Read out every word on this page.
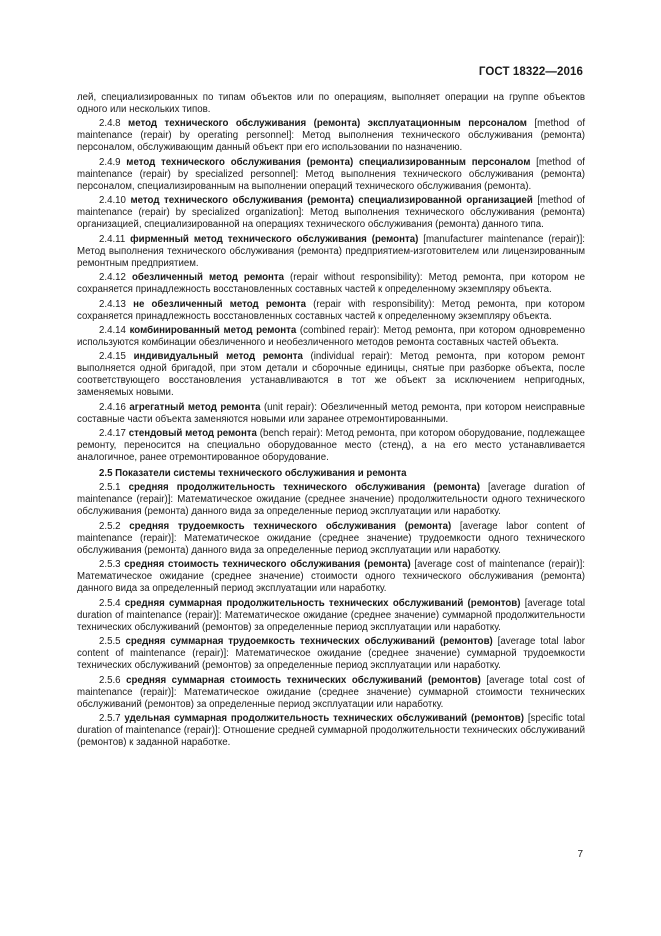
ГОСТ 18322—2016

лей, специализированных по типам объектов или по операциям, выполняет операции на группе объектов одного или нескольких типов.

2.4.8 метод технического обслуживания (ремонта) эксплуатационным персоналом [method of maintenance (repair) by operating personnel]: Метод выполнения технического обслуживания (ремонта) персоналом, обслуживающим данный объект при его использовании по назначению.

2.4.9 метод технического обслуживания (ремонта) специализированным персоналом [method of maintenance (repair) by specialized personnel]: Метод выполнения технического обслуживания (ремонта) персоналом, специализированным на выполнении операций технического обслуживания (ремонта).

2.4.10 метод технического обслуживания (ремонта) специализированной организацией [method of maintenance (repair) by specialized organization]: Метод выполнения технического обслуживания (ремонта) организацией, специализированной на операциях технического обслуживания (ремонта) данного типа.

2.4.11 фирменный метод технического обслуживания (ремонта) [manufacturer maintenance (repair)]: Метод выполнения технического обслуживания (ремонта) предприятием-изготовителем или лицензированным ремонтным предприятием.

2.4.12 обезличенный метод ремонта (repair without responsibility): Метод ремонта, при котором не сохраняется принадлежность восстановленных составных частей к определенному экземпляру объекта.

2.4.13 не обезличенный метод ремонта (repair with responsibility): Метод ремонта, при котором сохраняется принадлежность восстановленных составных частей к определенному экземпляру объекта.

2.4.14 комбинированный метод ремонта (combined repair): Метод ремонта, при котором одновременно используются комбинации обезличенного и необезличенного методов ремонта составных частей объекта.

2.4.15 индивидуальный метод ремонта (individual repair): Метод ремонта, при котором ремонт выполняется одной бригадой, при этом детали и сборочные единицы, снятые при разборке объекта, после соответствующего восстановления устанавливаются в тот же объект за исключением непригодных, заменяемых новыми.

2.4.16 агрегатный метод ремонта (unit repair): Обезличенный метод ремонта, при котором неисправные составные части объекта заменяются новыми или заранее отремонтированными.

2.4.17 стендовый метод ремонта (bench repair): Метод ремонта, при котором оборудование, подлежащее ремонту, переносится на специально оборудованное место (стенд), а на его место устанавливается аналогичное, ранее отремонтированное оборудование.

2.5 Показатели системы технического обслуживания и ремонта

2.5.1 средняя продолжительность технического обслуживания (ремонта) [average duration of maintenance (repair)]: Математическое ожидание (среднее значение) продолжительности одного технического обслуживания (ремонта) данного вида за определенные период эксплуатации или наработку.

2.5.2 средняя трудоемкость технического обслуживания (ремонта) [average labor content of maintenance (repair)]: Математическое ожидание (среднее значение) трудоемкости одного технического обслуживания (ремонта) данного вида за определенные период эксплуатации или наработку.

2.5.3 средняя стоимость технического обслуживания (ремонта) [average cost of maintenance (repair)]: Математическое ожидание (среднее значение) стоимости одного технического обслуживания (ремонта) данного вида за определенный период эксплуатации или наработку.

2.5.4 средняя суммарная продолжительность технических обслуживаний (ремонтов) [average total duration of maintenance (repair)]: Математическое ожидание (среднее значение) суммарной продолжительности технических обслуживаний (ремонтов) за определенные период эксплуатации или наработку.

2.5.5 средняя суммарная трудоемкость технических обслуживаний (ремонтов) [average total labor content of maintenance (repair)]: Математическое ожидание (среднее значение) суммарной трудоемкости технических обслуживаний (ремонтов) за определенные период эксплуатации или наработку.

2.5.6 средняя суммарная стоимость технических обслуживаний (ремонтов) [average total cost of maintenance (repair)]: Математическое ожидание (среднее значение) суммарной стоимости технических обслуживаний (ремонтов) за определенные период эксплуатации или наработку.

2.5.7 удельная суммарная продолжительность технических обслуживаний (ремонтов) [specific total duration of maintenance (repair)]: Отношение средней суммарной продолжительности технических обслуживаний (ремонтов) к заданной наработке.

7
